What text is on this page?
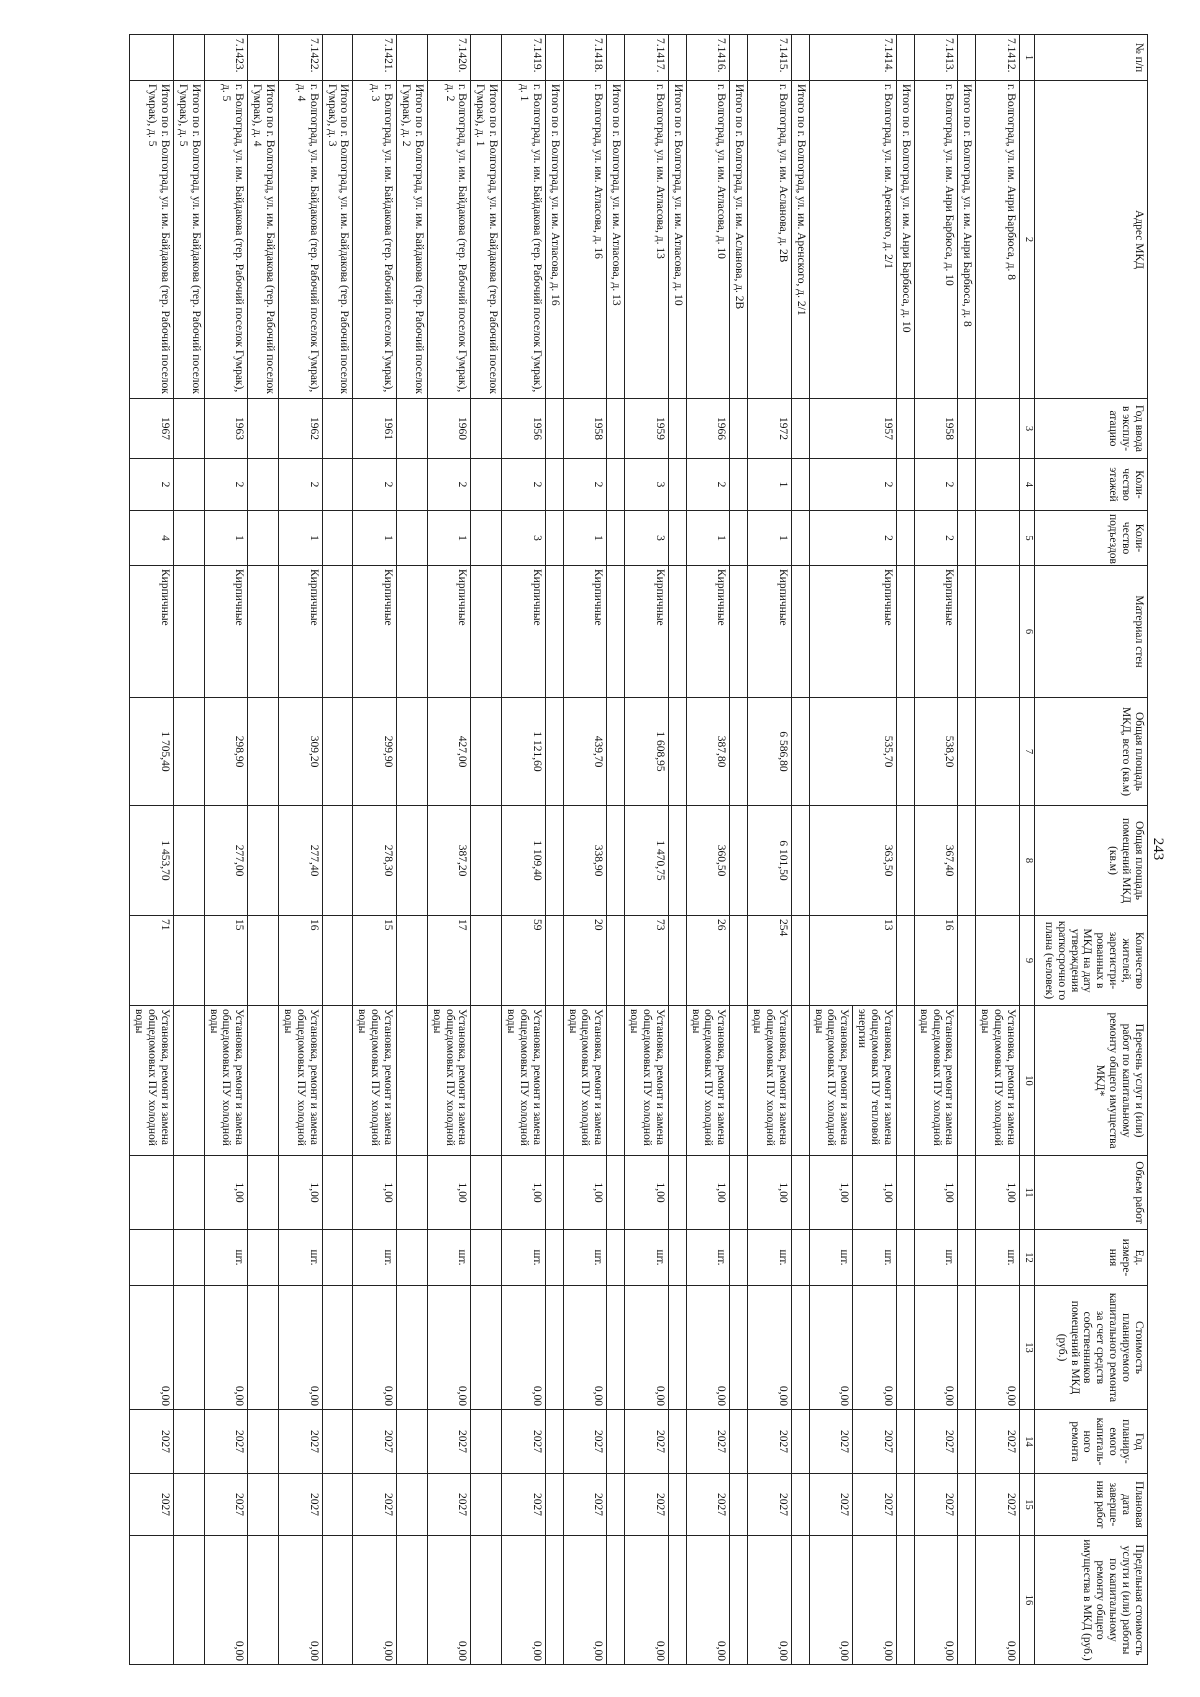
243
№ п/п	Адрес МКД	Год ввода в эксплу-атацию	Коли-чество этажей	Коли-чество подъездов	Материал стен	Общая площадь МКД, всего (кв.м)	Общая площадь помещений МКД (кв.м)	Количество жителей, зарегистри-рованных в МКД на дату утверждения краткосрочно го плана (человек)	Перечень услуг и (или) работ по капитальному ремонту общего имущества МКД*	Объем работ	Ед. измере-ния	Стоимость планируемого капитального ремонта за счет средств собственников помещений в МКД (руб.)	Год планиру-емого капиталь-ного ремонта	Плановая дата заверше-ния работ	Предельная стоимость услуги и (или) работы по капитальному ремонту общего имущества в МКД (руб.)
1	2	3	4	5	6	7	8	9	10	11	12	13	14	15	16
7.1412.	г. Волгоград, ул. им. Анри Барбюса, д. 8								Установка, ремонт и замена общедомовых ПУ холодной воды	1,00	шт.	0,00	2027	2027	0,00
	Итого по г. Волгоград, ул. им. Анри Барбюса, д. 8														
7.1413.	г. Волгоград, ул. им. Анри Барбюса, д. 10	1958	2	2	Кирпичные	538,20	367,40	16	Установка, ремонт и замена общедомовых ПУ холодной воды	1,00	шт.	0,00	2027	2027	0,00
	Итого по г. Волгоград, ул. им. Анри Барбюса, д. 10														
7.1414.	г. Волгоград, ул. им. Аренского, д. 2/1	1957	2	2	Кирпичные	535,70	363,50	13	Установка, ремонт и замена общедомовых ПУ тепловой энергии	1,00	шт.	0,00	2027	2027	0,00
									Установка, ремонт и замена общедомовых ПУ холодной воды	1,00	шт.	0,00	2027	2027	0,00
	Итого по г. Волгоград, ул. им. Аренского, д. 2/1														
7.1415.	г. Волгоград, ул. им. Асланова, д. 2В	1972	1	1	Кирпичные	6 586,80	6 101,50	254	Установка, ремонт и замена общедомовых ПУ холодной воды	1,00	шт.	0,00	2027	2027	0,00
	Итого по г. Волгоград, ул. им. Асланова, д. 2В														
7.1416.	г. Волгоград, ул. им. Атласова, д. 10	1966	2	1	Кирпичные	387,80	360,50	26	Установка, ремонт и замена общедомовых ПУ холодной воды	1,00	шт.	0,00	2027	2027	0,00
	Итого по г. Волгоград, ул. им. Атласова, д. 10														
7.1417.	г. Волгоград, ул. им. Атласова, д. 13	1959	3	3	Кирпичные	1 608,95	1 470,75	73	Установка, ремонт и замена общедомовых ПУ холодной воды	1,00	шт.	0,00	2027	2027	0,00
	Итого по г. Волгоград, ул. им. Атласова, д. 13														
7.1418.	г. Волгоград, ул. им. Атласова, д. 16	1958	2	1	Кирпичные	439,70	338,90	20	Установка, ремонт и замена общедомовых ПУ холодной воды	1,00	шт.	0,00	2027	2027	0,00
	Итого по г. Волгоград, ул. им. Атласова, д. 16														
7.1419.	г. Волгоград, ул. им. Байдакова (тер. Рабочий поселок Гумрак), д. 1	1956	2	3	Кирпичные	1 121,60	1 109,40	59	Установка, ремонт и замена общедомовых ПУ холодной воды	1,00	шт.	0,00	2027	2027	0,00
	Итого по г. Волгоград, ул. им. Байдакова (тер. Рабочий поселок Гумрак), д. 1														
7.1420.	г. Волгоград, ул. им. Байдакова (тер. Рабочий поселок Гумрак), д. 2	1960	2	1	Кирпичные	427,00	387,20	17	Установка, ремонт и замена общедомовых ПУ холодной воды	1,00	шт.	0,00	2027	2027	0,00
	Итого по г. Волгоград, ул. им. Байдакова (тер. Рабочий поселок Гумрак), д. 2														
7.1421.	г. Волгоград, ул. им. Байдакова (тер. Рабочий поселок Гумрак), д. 3	1961	2	1	Кирпичные	299,90	278,30	15	Установка, ремонт и замена общедомовых ПУ холодной воды	1,00	шт.	0,00	2027	2027	0,00
	Итого по г. Волгоград, ул. им. Байдакова (тер. Рабочий поселок Гумрак), д. 3														
7.1422.	г. Волгоград, ул. им. Байдакова (тер. Рабочий поселок Гумрак), д. 4	1962	2	1	Кирпичные	309,20	277,40	16	Установка, ремонт и замена общедомовых ПУ холодной воды	1,00	шт.	0,00	2027	2027	0,00
	Итого по г. Волгоград, ул. им. Байдакова (тер. Рабочий поселок Гумрак), д. 4														
7.1423.	г. Волгоград, ул. им. Байдакова (тер. Рабочий поселок Гумрак), д. 5	1963	2	1	Кирпичные	298,90	277,00	15	Установка, ремонт и замена общедомовых ПУ холодной воды	1,00	шт.	0,00	2027	2027	0,00
	Итого по г. Волгоград, ул. им. Байдакова (тер. Рабочий поселок Гумрак), д. 5														
	Итого по г. Волгоград, ул. им. Байдакова (тер. Рабочий поселок Гумрак), д. 5	1967	2	4	Кирпичные	1 705,40	1 453,70	71	Установка, ремонт и замена общедомовых ПУ холодной воды			0,00	2027	2027	
